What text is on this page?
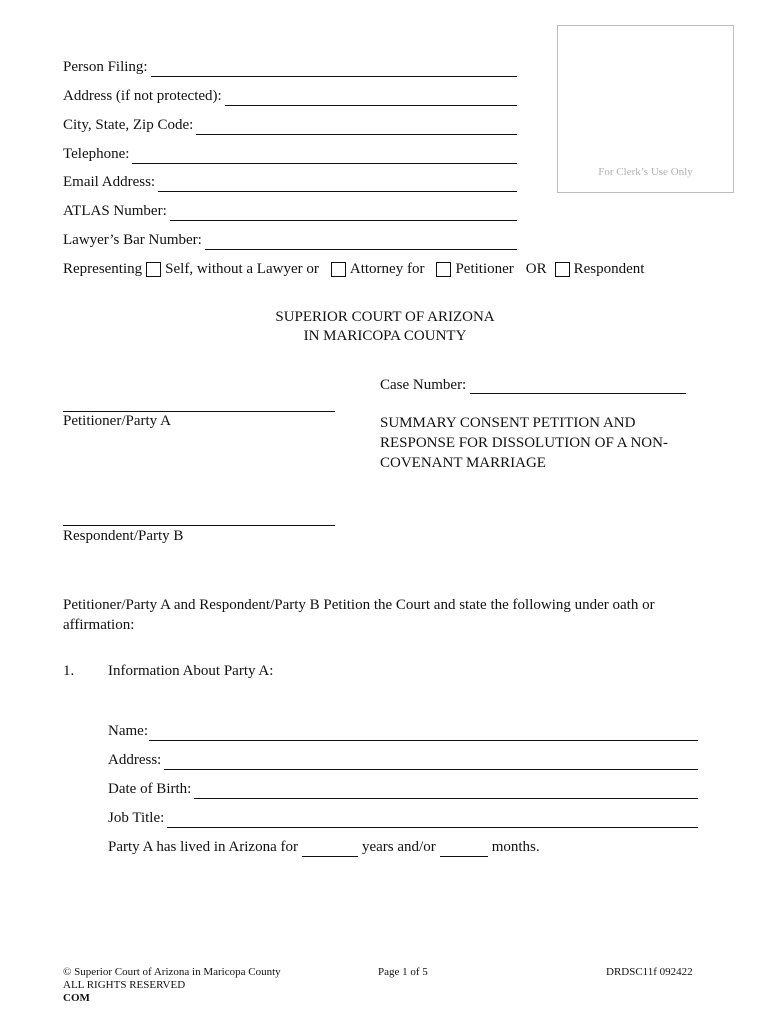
Person Filing:
Address (if not protected):
City, State, Zip Code:
Telephone:
Email Address:
ATLAS Number:
Lawyer’s Bar Number:
For Clerk’s Use Only
Representing Self, without a Lawyer or Attorney for Petitioner OR Respondent
SUPERIOR COURT OF ARIZONA
IN MARICOPA COUNTY
Case Number:
Petitioner/Party A	SUMMARY CONSENT PETITION AND
RESPONSE FOR DISSOLUTION OF A NON-
COVENANT MARRIAGE
Respondent/Party B
Petitioner/Party A and Respondent/Party B Petition the Court and state the following under oath or
affirmation:
1. Information About Party A:
Name:
Address:
Date of Birth:
Job Title:
Party A has lived in Arizona for	years and/or	months.
© Superior Court of Arizona in Maricopa County
ALL RIGHTS RESERVED
COM
Page 1 of 5	DRDSC11f 092422
